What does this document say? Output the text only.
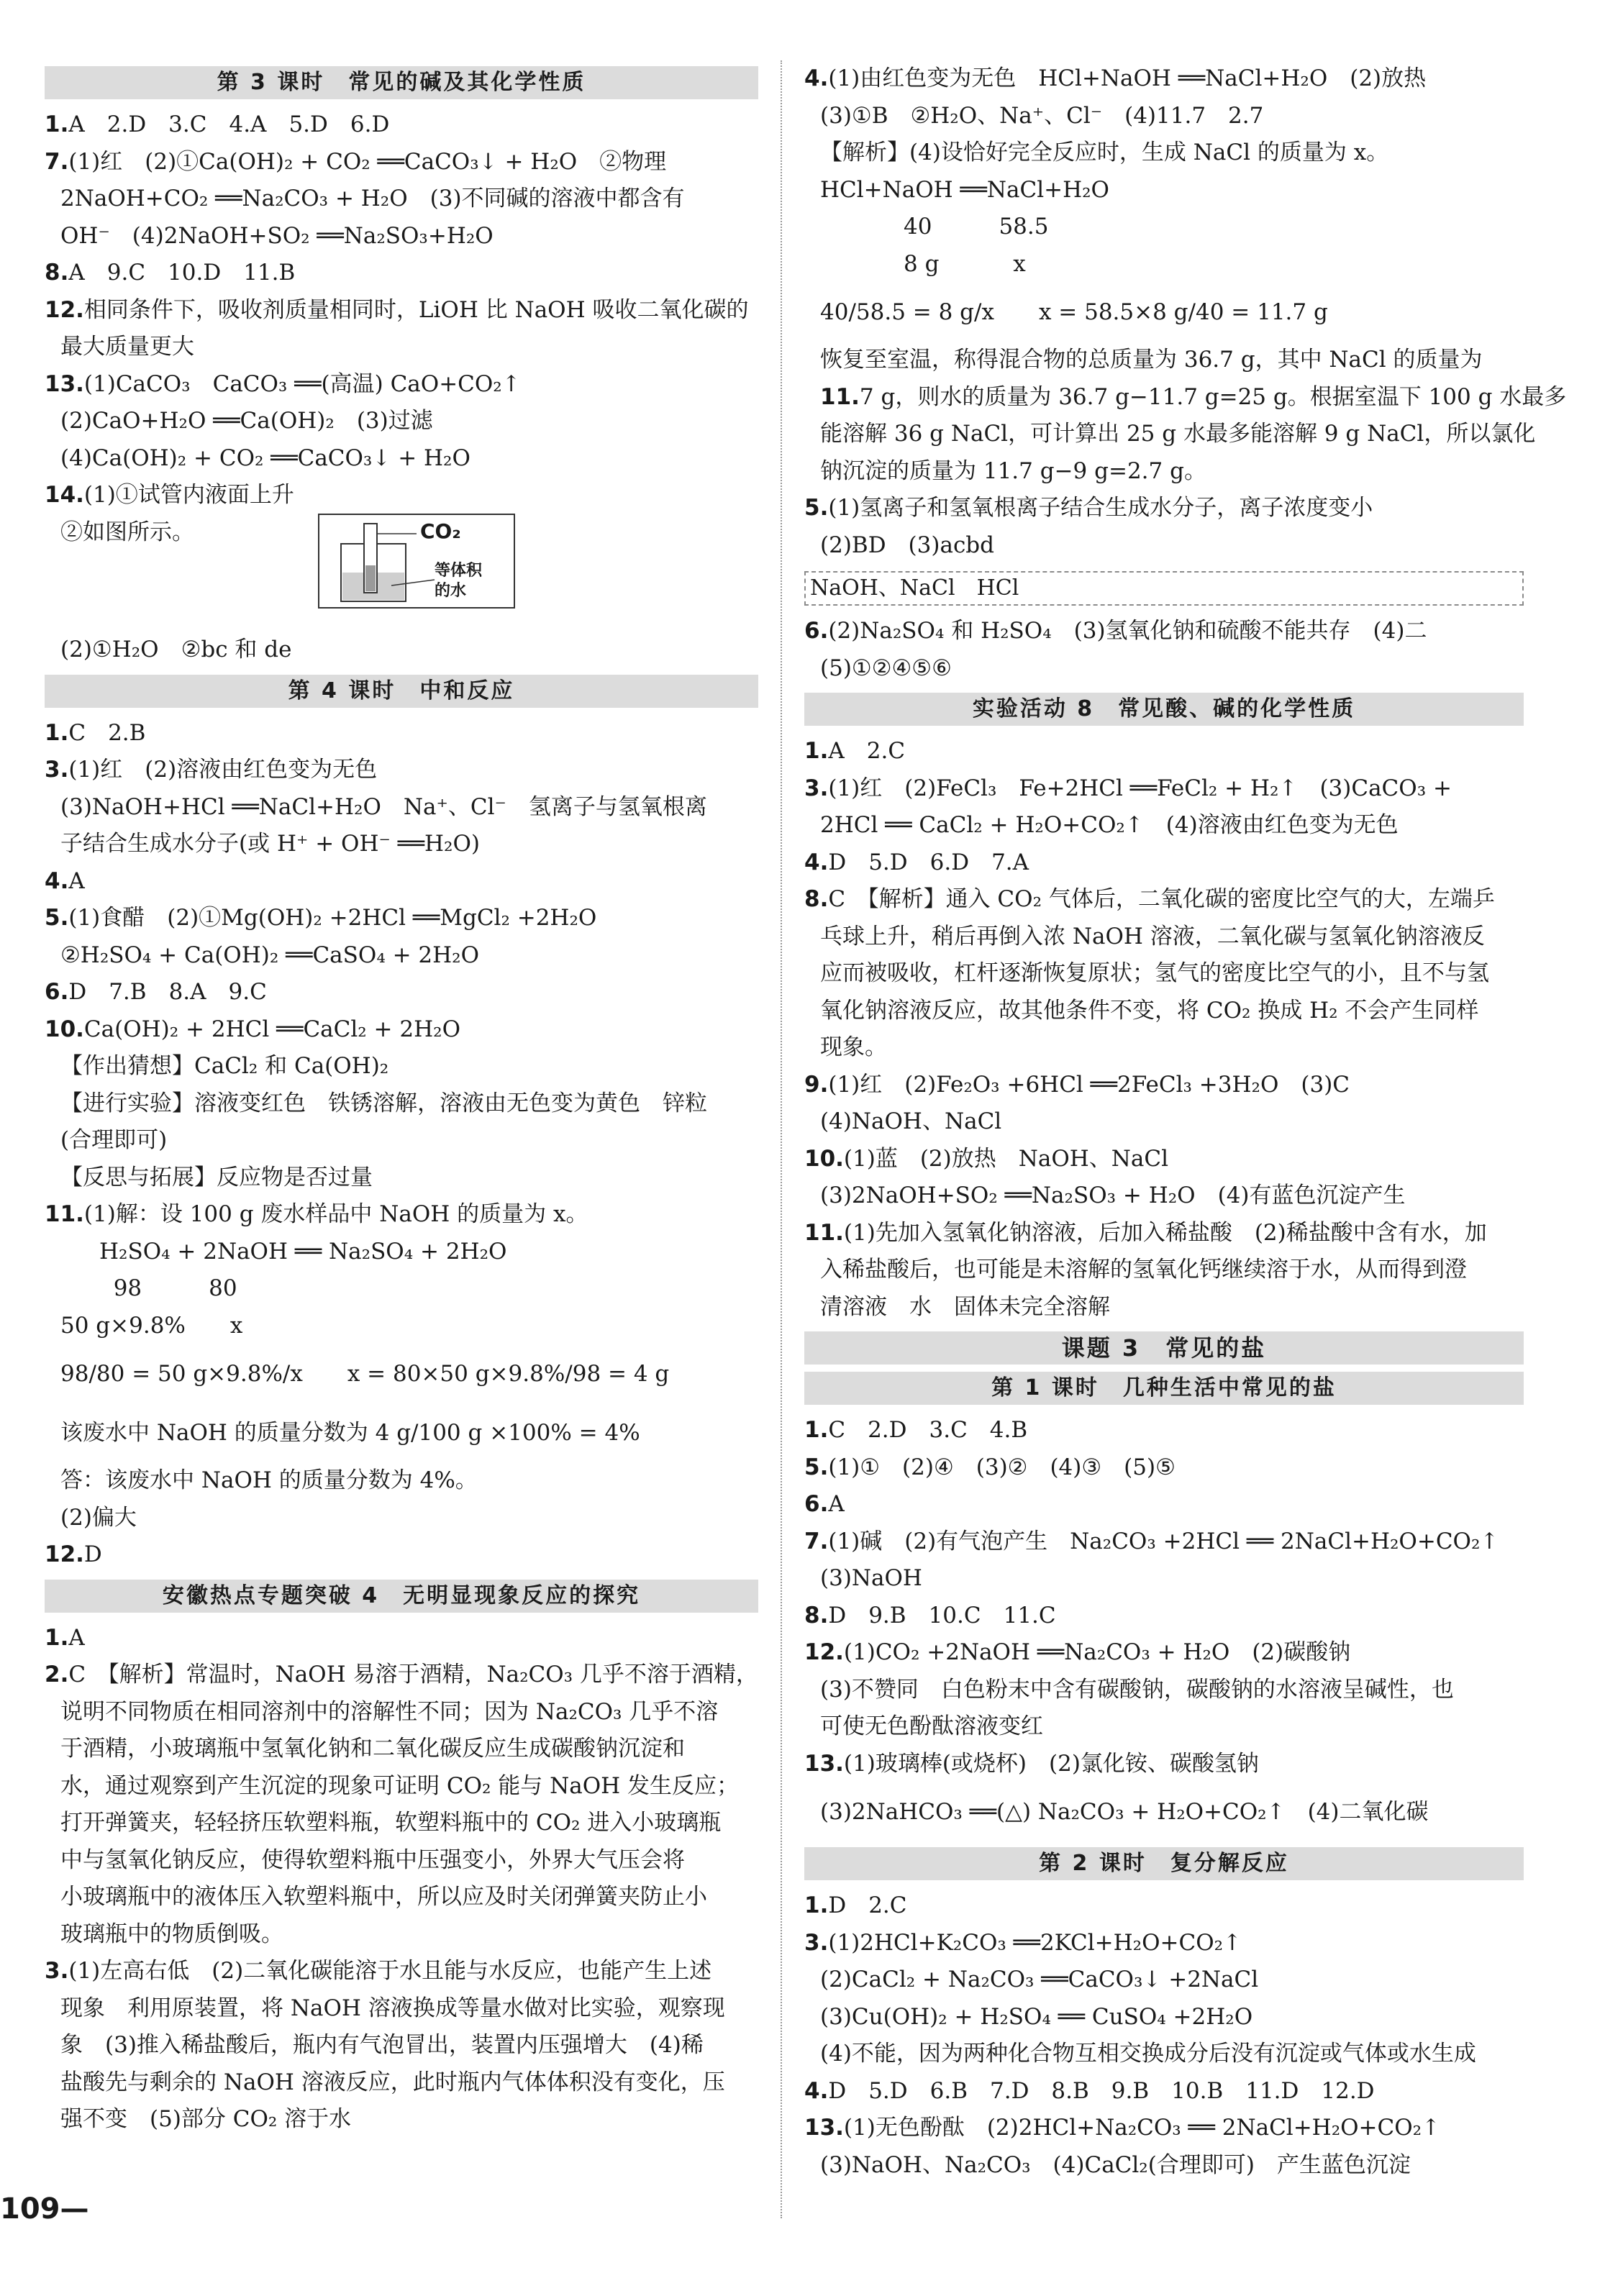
第 3 课时　常见的碱及其化学性质
1.A　2.D　3.C　4.A　5.D　6.D
7.(1)红　(2)①Ca(OH)₂ + CO₂ ══CaCO₃↓ + H₂O　②物理
2NaOH+CO₂ ══Na₂CO₃ + H₂O　(3)不同碱的溶液中都含有
OH⁻　(4)2NaOH+SO₂ ══Na₂SO₃+H₂O
8.A　9.C　10.D　11.B
12.相同条件下，吸收剂质量相同时，LiOH 比 NaOH 吸收二氧化碳的
最大质量更大
13.(1)CaCO₃　CaCO₃ ══(高温) CaO+CO₂↑
(2)CaO+H₂O ══Ca(OH)₂　(3)过滤
(4)Ca(OH)₂ + CO₂ ══CaCO₃↓ + H₂O
14.(1)①试管内液面上升
②如图所示。	CO₂
等体积
的水
(2)①H₂O　②bc 和 de
第 4 课时　中和反应
1.C　2.B
3.(1)红　(2)溶液由红色变为无色
(3)NaOH+HCl ══NaCl+H₂O　Na⁺、Cl⁻　氢离子与氢氧根离
子结合生成水分子(或 H⁺ + OH⁻ ══H₂O)
4.A
5.(1)食醋　(2)①Mg(OH)₂ +2HCl ══MgCl₂ +2H₂O
②H₂SO₄ + Ca(OH)₂ ══CaSO₄ + 2H₂O
6.D　7.B　8.A　9.C
10.Ca(OH)₂ + 2HCl ══CaCl₂ + 2H₂O
【作出猜想】CaCl₂ 和 Ca(OH)₂
【进行实验】溶液变红色　铁锈溶解，溶液由无色变为黄色　锌粒
(合理即可)
【反思与拓展】反应物是否过量
11.(1)解：设 100 g 废水样品中 NaOH 的质量为 x。
H₂SO₄ + 2NaOH ══ Na₂SO₄ + 2H₂O
98　　　80
50 g×9.8%　　x
98/80 = 50 g×9.8%/x　　x = 80×50 g×9.8%/98 = 4 g
该废水中 NaOH 的质量分数为 4 g/100 g ×100% = 4%
答：该废水中 NaOH 的质量分数为 4%。
(2)偏大
12.D
安徽热点专题突破 4　无明显现象反应的探究
1.A
2.C　【解析】常温时，NaOH 易溶于酒精，Na₂CO₃ 几乎不溶于酒精，
说明不同物质在相同溶剂中的溶解性不同；因为 Na₂CO₃ 几乎不溶
于酒精，小玻璃瓶中氢氧化钠和二氧化碳反应生成碳酸钠沉淀和
水，通过观察到产生沉淀的现象可证明 CO₂ 能与 NaOH 发生反应；
打开弹簧夹，轻轻挤压软塑料瓶，软塑料瓶中的 CO₂ 进入小玻璃瓶
中与氢氧化钠反应，使得软塑料瓶中压强变小，外界大气压会将
小玻璃瓶中的液体压入软塑料瓶中，所以应及时关闭弹簧夹防止小
玻璃瓶中的物质倒吸。
3.(1)左高右低　(2)二氧化碳能溶于水且能与水反应，也能产生上述
现象　利用原装置，将 NaOH 溶液换成等量水做对比实验，观察现
象　(3)推入稀盐酸后，瓶内有气泡冒出，装置内压强增大　(4)稀
盐酸先与剩余的 NaOH 溶液反应，此时瓶内气体体积没有变化，压
强不变　(5)部分 CO₂ 溶于水
4.(1)由红色变为无色　HCl+NaOH ══NaCl+H₂O　(2)放热
(3)①B　②H₂O、Na⁺、Cl⁻　(4)11.7　2.7
【解析】(4)设恰好完全反应时，生成 NaCl 的质量为 x。
HCl+NaOH ══NaCl+H₂O
　　40　　　58.5
　　8 g　　　 x
40/58.5 = 8 g/x　　x = 58.5×8 g/40 = 11.7 g
恢复至室温，称得混合物的总质量为 36.7 g，其中 NaCl 的质量为
11.7 g，则水的质量为 36.7 g−11.7 g=25 g。根据室温下 100 g 水最多
能溶解 36 g NaCl，可计算出 25 g 水最多能溶解 9 g NaCl，所以氯化
钠沉淀的质量为 11.7 g−9 g=2.7 g。
5.(1)氢离子和氢氧根离子结合生成水分子，离子浓度变小
(2)BD　(3)acbd
NaOH、NaCl　HCl
6.(2)Na₂SO₄ 和 H₂SO₄　(3)氢氧化钠和硫酸不能共存　(4)二
(5)①②④⑤⑥
实验活动 8　常见酸、碱的化学性质
1.A　2.C
3.(1)红　(2)FeCl₃　Fe+2HCl ══FeCl₂ + H₂↑　(3)CaCO₃ +
2HCl ══ CaCl₂ + H₂O+CO₂↑　(4)溶液由红色变为无色
4.D　5.D　6.D　7.A
8.C　【解析】通入 CO₂ 气体后，二氧化碳的密度比空气的大，左端乒
乓球上升，稍后再倒入浓 NaOH 溶液，二氧化碳与氢氧化钠溶液反
应而被吸收，杠杆逐渐恢复原状；氢气的密度比空气的小，且不与氢
氧化钠溶液反应，故其他条件不变，将 CO₂ 换成 H₂ 不会产生同样
现象。
9.(1)红　(2)Fe₂O₃ +6HCl ══2FeCl₃ +3H₂O　(3)C
(4)NaOH、NaCl
10.(1)蓝　(2)放热　NaOH、NaCl
(3)2NaOH+SO₂ ══Na₂SO₃ + H₂O　(4)有蓝色沉淀产生
11.(1)先加入氢氧化钠溶液，后加入稀盐酸　(2)稀盐酸中含有水，加
入稀盐酸后，也可能是未溶解的氢氧化钙继续溶于水，从而得到澄
清溶液　水　固体未完全溶解
课题 3　常见的盐
第 1 课时　几种生活中常见的盐
1.C　2.D　3.C　4.B
5.(1)①　(2)④　(3)②　(4)③　(5)⑤
6.A
7.(1)碱　(2)有气泡产生　Na₂CO₃ +2HCl ══ 2NaCl+H₂O+CO₂↑
(3)NaOH
8.D　9.B　10.C　11.C
12.(1)CO₂ +2NaOH ══Na₂CO₃ + H₂O　(2)碳酸钠
(3)不赞同　白色粉末中含有碳酸钠，碳酸钠的水溶液呈碱性，也
可使无色酚酞溶液变红
13.(1)玻璃棒(或烧杯)　(2)氯化铵、碳酸氢钠
(3)2NaHCO₃ ══(△) Na₂CO₃ + H₂O+CO₂↑　(4)二氧化碳
第 2 课时　复分解反应
1.D　2.C
3.(1)2HCl+K₂CO₃ ══2KCl+H₂O+CO₂↑
(2)CaCl₂ + Na₂CO₃ ══CaCO₃↓ +2NaCl
(3)Cu(OH)₂ + H₂SO₄ ══ CuSO₄ +2H₂O
(4)不能，因为两种化合物互相交换成分后没有沉淀或气体或水生成
4.D　5.D　6.B　7.D　8.B　9.B　10.B　11.D　12.D
13.(1)无色酚酞　(2)2HCl+Na₂CO₃ ══ 2NaCl+H₂O+CO₂↑
(3)NaOH、Na₂CO₃　(4)CaCl₂(合理即可)　产生蓝色沉淀
109—
